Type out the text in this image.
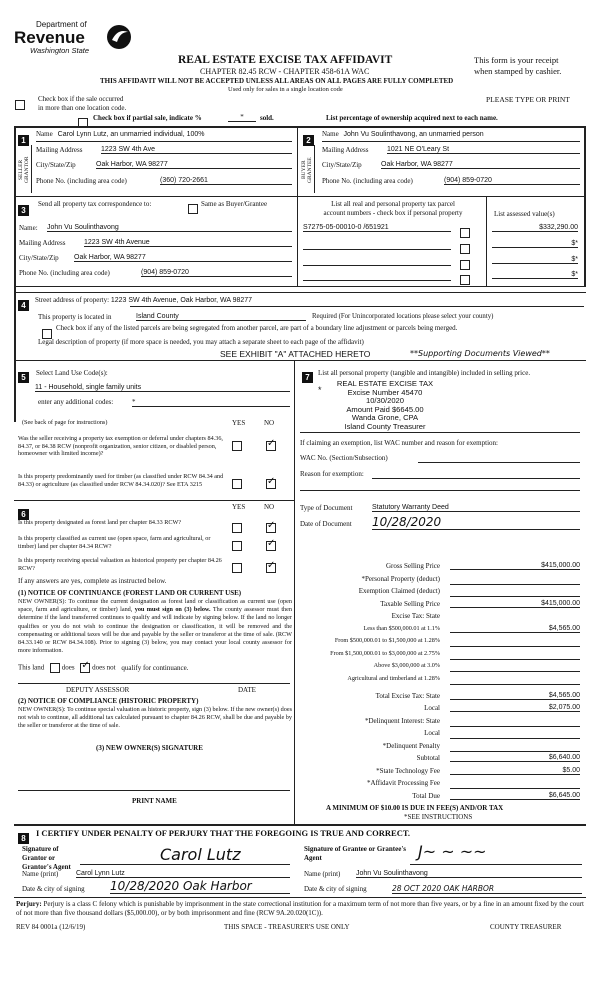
Department of
Revenue
Washington State
REAL ESTATE EXCISE TAX AFFIDAVIT
CHAPTER 82.45 RCW - CHAPTER 458-61A WAC
This form is your receipt
when stamped by cashier.
THIS AFFIDAVIT WILL NOT BE ACCEPTED UNLESS ALL AREAS ON ALL PAGES ARE FULLY COMPLETED
Used only for sales in a single location code
Check box if the sale occurred
in more than one location code.
PLEASE TYPE OR PRINT
Check box if partial sale, indicate %	*	sold.	List percentage of ownership acquired next to each name.
1
SELLER GRANTOR
Name Carol Lynn Lutz, an unmarried individual, 100%
Mailing Address	1223 SW 4th Ave
City/State/Zip	Oak Harbor, WA 98277
Phone No. (including area code)	(360) 720-2661
2
BUYER GRANTEE
Name John Vu Soulinthavong, an unmarried person
Mailing Address	1021 NE O'Leary St
City/State/Zip	Oak Harbor, WA 98277
Phone No. (including area code)	(904) 859-0720
3
Send all property tax correspondence to:	Same as Buyer/Grantee
Name: John Vu Soulinthavong
Mailing Address	1223 SW 4th Avenue
City/State/Zip Oak Harbor, WA 98277
Phone No. (including area code)	(904) 859-0720
List all real and personal property tax parcel
account numbers - check box if personal property	List assessed value(s)
S7275-05-00010-0 /651921	$332,290.00
$*
$*
$*
4
Street address of property: 1223 SW 4th Avenue, Oak Harbor, WA 98277
This property is located in	Island County	Required (For Unincorporated locations please select your county)
Check box if any of the listed parcels are being segregated from another parcel, are part of a boundary line adjustment or parcels being merged.
Legal description of property (if more space is needed, you may attach a separate sheet to each page of the affidavit)
SEE EXHIBIT "A" ATTACHED HERETO	**Supporting Documents Viewed**
5	Select Land Use Code(s):
11 - Household, single family units
enter any additional codes:	*
(See back of page for instructions)	YES	NO
Was the seller receiving a property tax exemption or deferral under chapters 84.36, 84.37, or 84.38 RCW (nonprofit organization, senior citizen, or disabled person, homeowner with limited income)?
✓
Is this property predominantly used for timber (as classified under RCW 84.34 and 84.33) or agriculture (as classified under RCW 84.34.020)? See ETA 3215
✓
6
YES	NO
Is this property designated as forest land per chapter 84.33 RCW?
✓
Is this property classified as current use (open space, farm and agricultural, or timber) land per chapter 84.34 RCW?
✓
Is this property receiving special valuation as historical property per chapter 84.26 RCW?
✓
If any answers are yes, complete as instructed below.
(1) NOTICE OF CONTINUANCE (FOREST LAND OR CURRENT USE)
NEW OWNER(S): To continue the current designation as forest land or classification as current use (open space, farm and agriculture, or timber) land, you must sign on (3) below. The county assessor must then determine if the land transferred continues to qualify and will indicate by signing below. If the land no longer qualifies or you do not wish to continue the designation or classification, it will be removed and the compensating or additional taxes will be due and payable by the seller or transferor at the time of sale. (RCW 84.33.140 or RCW 84.34.108). Prior to signing (3) below, you may contact your local county assessor for more information.
This land	does ✓	does not qualify for continuance.
DEPUTY ASSESSOR	DATE
(2) NOTICE OF COMPLIANCE (HISTORIC PROPERTY)
NEW OWNER(S): To continue special valuation as historic property, sign (3) below. If the new owner(s) does not wish to continue, all additional tax calculated pursuant to chapter 84.26 RCW, shall be due and payable by the seller or transferor at the time of sale.
(3) NEW OWNER(S) SIGNATURE
PRINT NAME
7	List all personal property (tangible and intangible) included in selling price.
*
REAL ESTATE EXCISE TAX
Excise Number 45470
10/30/2020
Amount Paid $6645.00
Wanda Grone, CPA
Island County Treasurer
If claiming an exemption, list WAC number and reason for exemption:
WAC No. (Section/Subsection)
Reason for exemption:
Type of Document	Statutory Warranty Deed
Date of Document 10/28/2020
Gross Selling Price	$415,000.00
*Personal Property (deduct)
Exemption Claimed (deduct)
Taxable Selling Price	$415,000.00
Excise Tax: State
Less than $500,000.01 at 1.1%	$4,565.00
From $500,000.01 to $1,500,000 at 1.28%
From $1,500,000.01 to $3,000,000 at 2.75%
Above $3,000,000 at 3.0%
Agricultural and timberland at 1.28%
Total Excise Tax: State	$4,565.00
Local	$2,075.00
*Delinquent Interest: State
Local
*Delinquent Penalty
Subtotal	$6,640.00
*State Technology Fee	$5.00
*Affidavit Processing Fee
Total Due	$6,645.00
A MINIMUM OF $10.00 IS DUE IN FEE(S) AND/OR TAX
*SEE INSTRUCTIONS
8
I CERTIFY UNDER PENALTY OF PERJURY THAT THE FOREGOING IS TRUE AND CORRECT.
Signature of Grantor or Grantor's Agent
Carol Lutz
Name (print)	Carol Lynn Lutz
Date & city of signing 10/28/2020 Oak Harbor
Signature of Grantee or Grantee's Agent	J~ ~ ~~
Name (print) John Vu Soulinthavong
Date & city of signing	28 OCT 2020 OAK HARBOR
Perjury: Perjury is a class C felony which is punishable by imprisonment in the state correctional institution for a maximum term of not more than five years, or by a fine in an amount fixed by the court of not more than five thousand dollars ($5,000.00), or by both imprisonment and fine (RCW 9A.20.020(1C)).
REV 84 0001a (12/6/19)	THIS SPACE - TREASURER'S USE ONLY	COUNTY TREASURER
